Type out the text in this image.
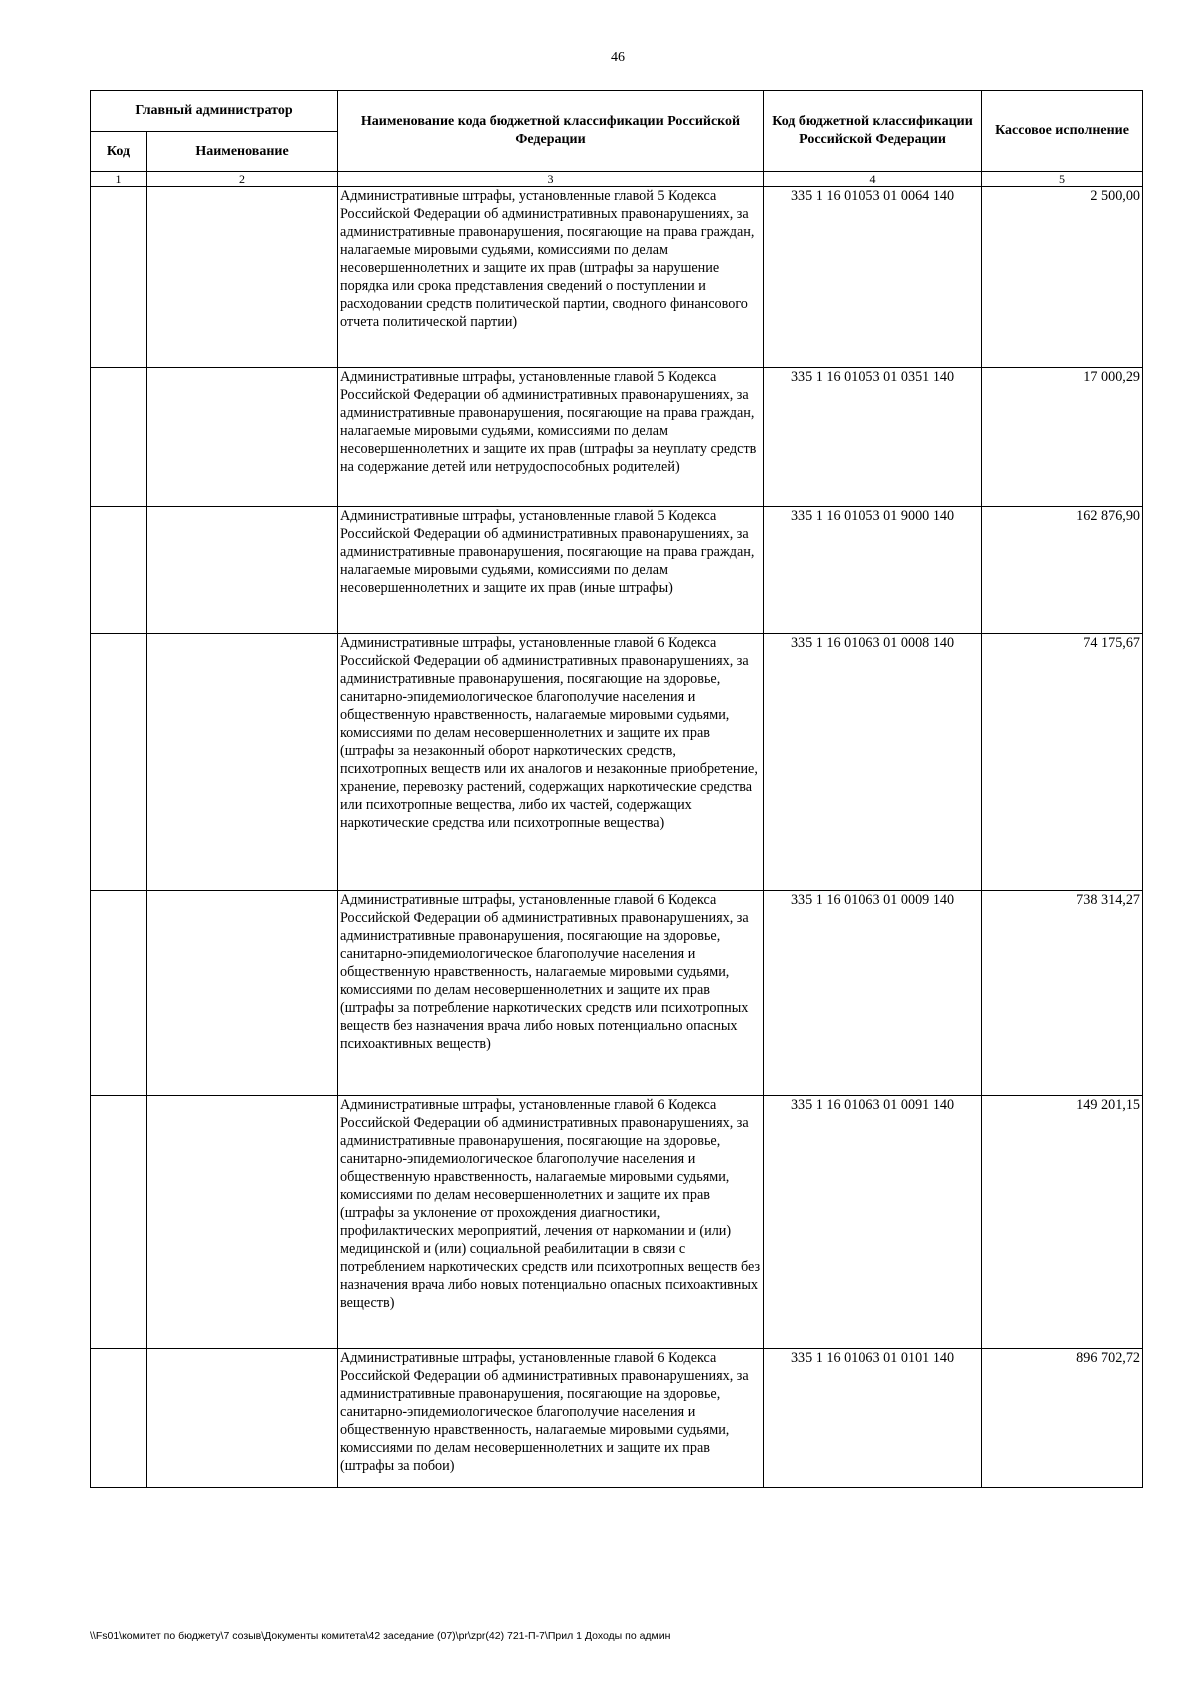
46
Главный администратор		Наименование кода бюджетной классификации Российской Федерации	Код бюджетной классификации Российской Федерации	Кассовое исполнение
Код	Наименование			
1	2	3	4	5
		Административные штрафы, установленные главой 5 Кодекса Российской Федерации об административных правонарушениях, за административные правонарушения, посягающие на права граждан, налагаемые мировыми судьями, комиссиями по делам несовершеннолетних и защите их прав (штрафы за нарушение порядка или срока представления сведений о поступлении и расходовании средств политической партии, сводного финансового отчета политической партии)	335 1 16 01053 01 0064 140	2 500,00
		Административные штрафы, установленные главой 5 Кодекса Российской Федерации об административных правонарушениях, за административные правонарушения, посягающие на права граждан, налагаемые мировыми судьями, комиссиями по делам несовершеннолетних и защите их прав (штрафы за неуплату средств на содержание детей или нетрудоспособных родителей)	335 1 16 01053 01 0351 140	17 000,29
		Административные штрафы, установленные главой 5 Кодекса Российской Федерации об административных правонарушениях, за административные правонарушения, посягающие на права граждан, налагаемые мировыми судьями, комиссиями по делам несовершеннолетних и защите их прав (иные штрафы)	335 1 16 01053 01 9000 140	162 876,90
		Административные штрафы, установленные главой 6 Кодекса Российской Федерации об административных правонарушениях, за административные правонарушения, посягающие на здоровье, санитарно-эпидемиологическое благополучие населения и общественную нравственность, налагаемые мировыми судьями, комиссиями по делам несовершеннолетних и защите их прав (штрафы за незаконный оборот наркотических средств, психотропных веществ или их аналогов и незаконные приобретение, хранение, перевозку растений, содержащих наркотические средства или психотропные вещества, либо их частей, содержащих наркотические средства или психотропные вещества)	335 1 16 01063 01 0008 140	74 175,67
		Административные штрафы, установленные главой 6 Кодекса Российской Федерации об административных правонарушениях, за административные правонарушения, посягающие на здоровье, санитарно-эпидемиологическое благополучие населения и общественную нравственность, налагаемые мировыми судьями, комиссиями по делам несовершеннолетних и защите их прав (штрафы за потребление наркотических средств или психотропных веществ без назначения врача либо новых потенциально опасных психоактивных веществ)	335 1 16 01063 01 0009 140	738 314,27
		Административные штрафы, установленные главой 6 Кодекса Российской Федерации об административных правонарушениях, за административные правонарушения, посягающие на здоровье, санитарно-эпидемиологическое благополучие населения и общественную нравственность, налагаемые мировыми судьями, комиссиями по делам несовершеннолетних и защите их прав (штрафы за уклонение от прохождения диагностики, профилактических мероприятий, лечения от наркомании и (или) медицинской и (или) социальной реабилитации в связи с потреблением наркотических средств или психотропных веществ без назначения врача либо новых потенциально опасных психоактивных веществ)	335 1 16 01063 01 0091 140	149 201,15
		Административные штрафы, установленные главой 6 Кодекса Российской Федерации об административных правонарушениях, за административные правонарушения, посягающие на здоровье, санитарно-эпидемиологическое благополучие населения и общественную нравственность, налагаемые мировыми судьями, комиссиями по делам несовершеннолетних и защите их прав (штрафы за побои)	335 1 16 01063 01 0101 140	896 702,72
\\Fs01\комитет по бюджету\7 созыв\Документы комитета\42 заседание (07)\pr\zpr(42) 721-П-7\Прил 1 Доходы по админ
